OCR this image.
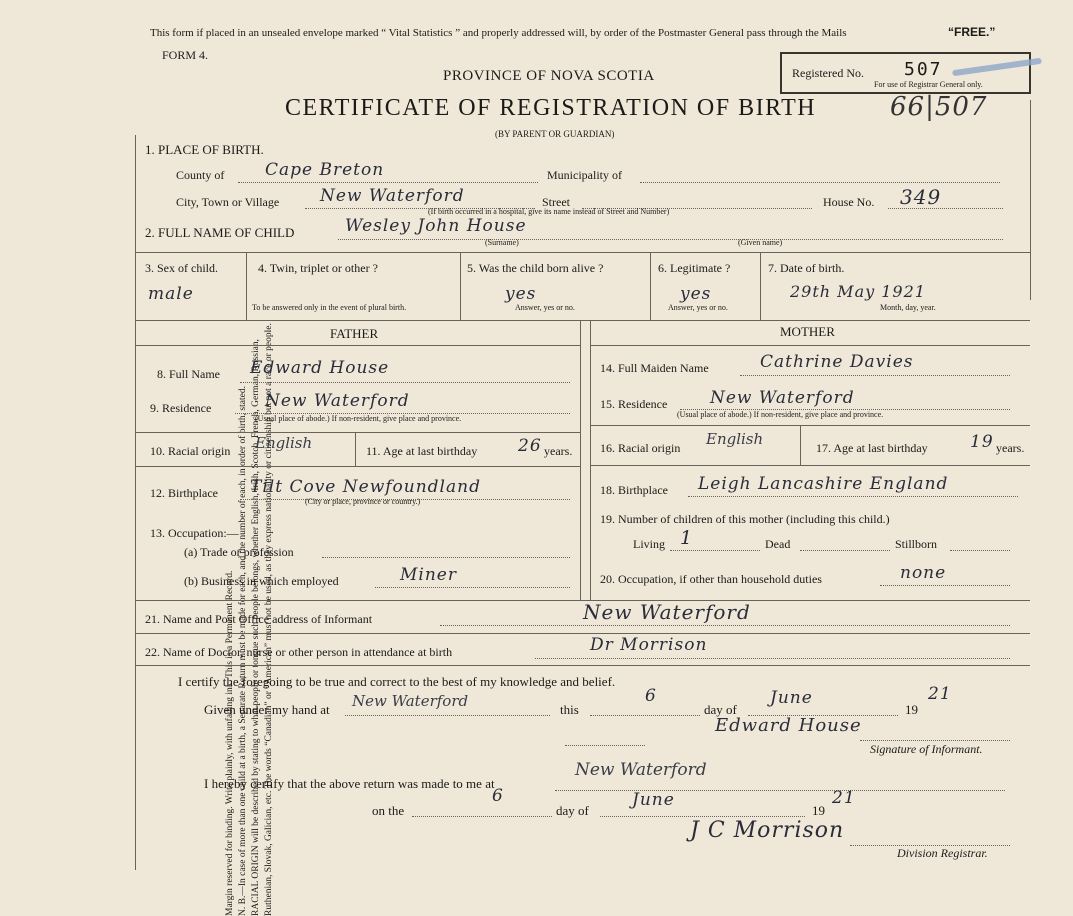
Margin reserved for binding. Write plainly, with unfading ink. This is a Permanent Record. N. B.—In case of more than one child at a birth, a Separate Return must be made for each, and the number of each, in order of birth, stated. RACIAL ORIGIN will be described by stating to what people or tongue such people belongs, whether English, Irish, Scotch, French, German, Russian, Ruthenian, Slovak, Galician, etc. The words “Canadian” or “American” must not be used, as they express nationality or citizenship but not a race or people.
This form if placed in an unsealed envelope marked “ Vital Statistics ” and properly addressed will, by order of the Postmaster General pass through the Mails	“FREE.”
FORM 4.
PROVINCE OF NOVA SCOTIA
CERTIFICATE OF REGISTRATION OF BIRTH	66|507
(BY PARENT OR GUARDIAN)
Registered No. 507
For use of Registrar General only.
1. PLACE OF BIRTH.
County of Cape Breton	Municipality of
City, Town or Village New Waterford	Street
(If birth occurred in a hospital, give its name instead of Street and Number)
House No. 349
2. FULL NAME OF CHILD	Wesley John House
(Surname)	(Given name)
3. Sex of child.
male
4. Twin, triplet or other ?
To be answered only in the event of plural birth.
5. Was the child born alive ?
yes
Answer, yes or no.
6. Legitimate ?
yes
Answer, yes or no.
7. Date of birth.
29th May 1921
Month, day, year.
FATHER	MOTHER
8. Full Name Edward House
9. Residence	New Waterford
(Usual place of abode.) If non-resident, give place and province.
10. Racial origin English	11. Age at last birthday 26 years.
12. Birthplace Tilt Cove Newfoundland
(City or place, province or country.)
13. Occupation:—
(a) Trade or profession
(b) Business in which employed	Miner
14. Full Maiden Name	Cathrine Davies
15. Residence	New Waterford
(Usual place of abode.) If non-resident, give place and province.
16. Racial origin English	17. Age at last birthday 19 years.
18. Birthplace Leigh Lancashire England
19. Number of children of this mother (including this child.)
Living 1	Dead	Stillborn
20. Occupation, if other than household duties	none
21. Name and Post Office address of Informant	New Waterford
22. Name of Doctor, nurse or other person in attendance at birth	Dr Morrison
I certify the foregoing to be true and correct to the best of my knowledge and belief.
Given under my hand at New Waterford	this
6
day of
June
19
21
Edward House
Signature of Informant.
I hereby certify that the above return was made to me at
New Waterford
on the
6
day of
June
19
21
J C Morrison
Division Registrar.
